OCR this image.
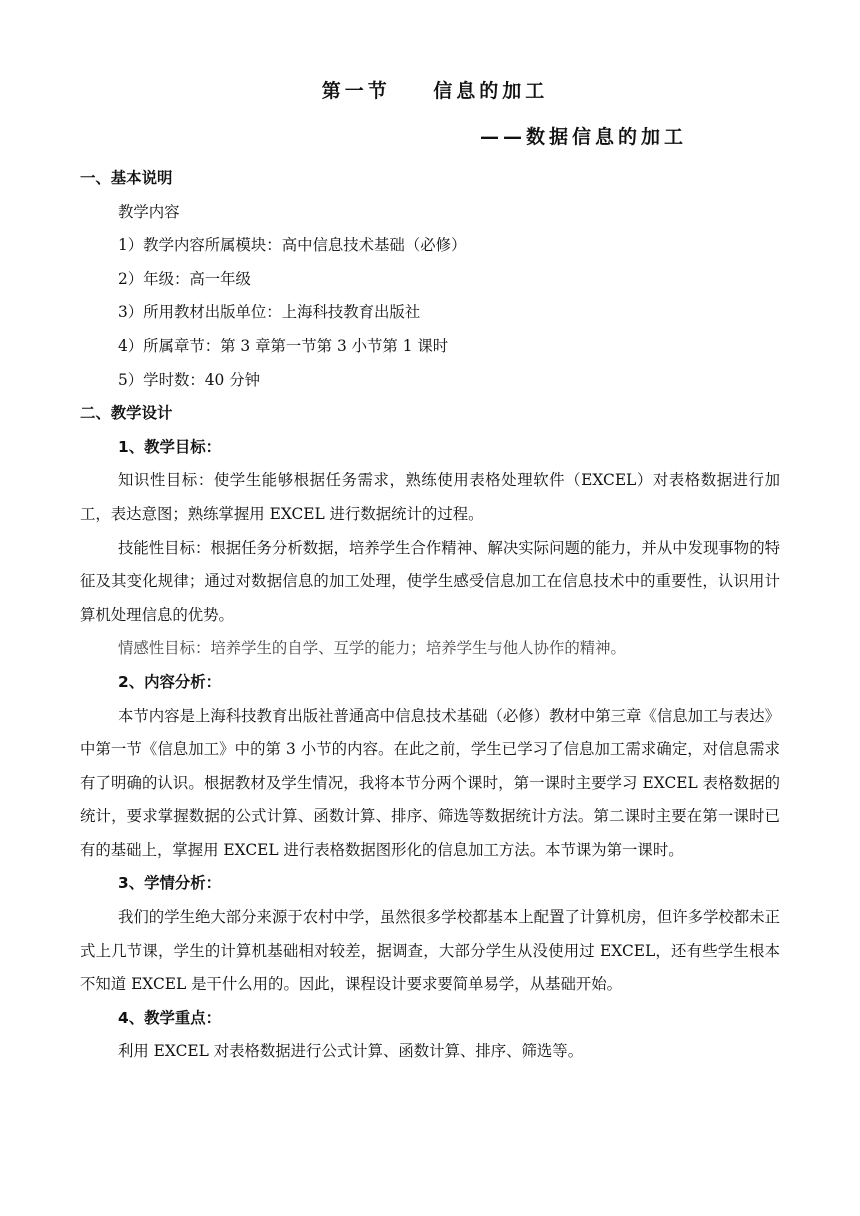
第一节    信息的加工
——数据信息的加工

一、基本说明

教学内容

1）教学内容所属模块：高中信息技术基础（必修）

2）年级：高一年级

3）所用教材出版单位：上海科技教育出版社

4）所属章节：第 3 章第一节第 3 小节第 1 课时

5）学时数：40 分钟

二、教学设计

1、教学目标：

知识性目标：使学生能够根据任务需求，熟练使用表格处理软件（EXCEL）对表格数据进行加工，表达意图；熟练掌握用 EXCEL 进行数据统计的过程。

技能性目标：根据任务分析数据，培养学生合作精神、解决实际问题的能力，并从中发现事物的特征及其变化规律；通过对数据信息的加工处理，使学生感受信息加工在信息技术中的重要性，认识用计算机处理信息的优势。

情感性目标：培养学生的自学、互学的能力；培养学生与他人协作的精神。

2、内容分析：

本节内容是上海科技教育出版社普通高中信息技术基础（必修）教材中第三章《信息加工与表达》中第一节《信息加工》中的第 3 小节的内容。在此之前，学生已学习了信息加工需求确定，对信息需求有了明确的认识。根据教材及学生情况，我将本节分两个课时，第一课时主要学习 EXCEL 表格数据的统计，要求掌握数据的公式计算、函数计算、排序、筛选等数据统计方法。第二课时主要在第一课时已有的基础上，掌握用 EXCEL 进行表格数据图形化的信息加工方法。本节课为第一课时。

3、学情分析：

我们的学生绝大部分来源于农村中学，虽然很多学校都基本上配置了计算机房，但许多学校都未正式上几节课，学生的计算机基础相对较差，据调查，大部分学生从没使用过 EXCEL，还有些学生根本不知道 EXCEL 是干什么用的。因此，课程设计要求要简单易学，从基础开始。

4、教学重点：

利用 EXCEL 对表格数据进行公式计算、函数计算、排序、筛选等。
